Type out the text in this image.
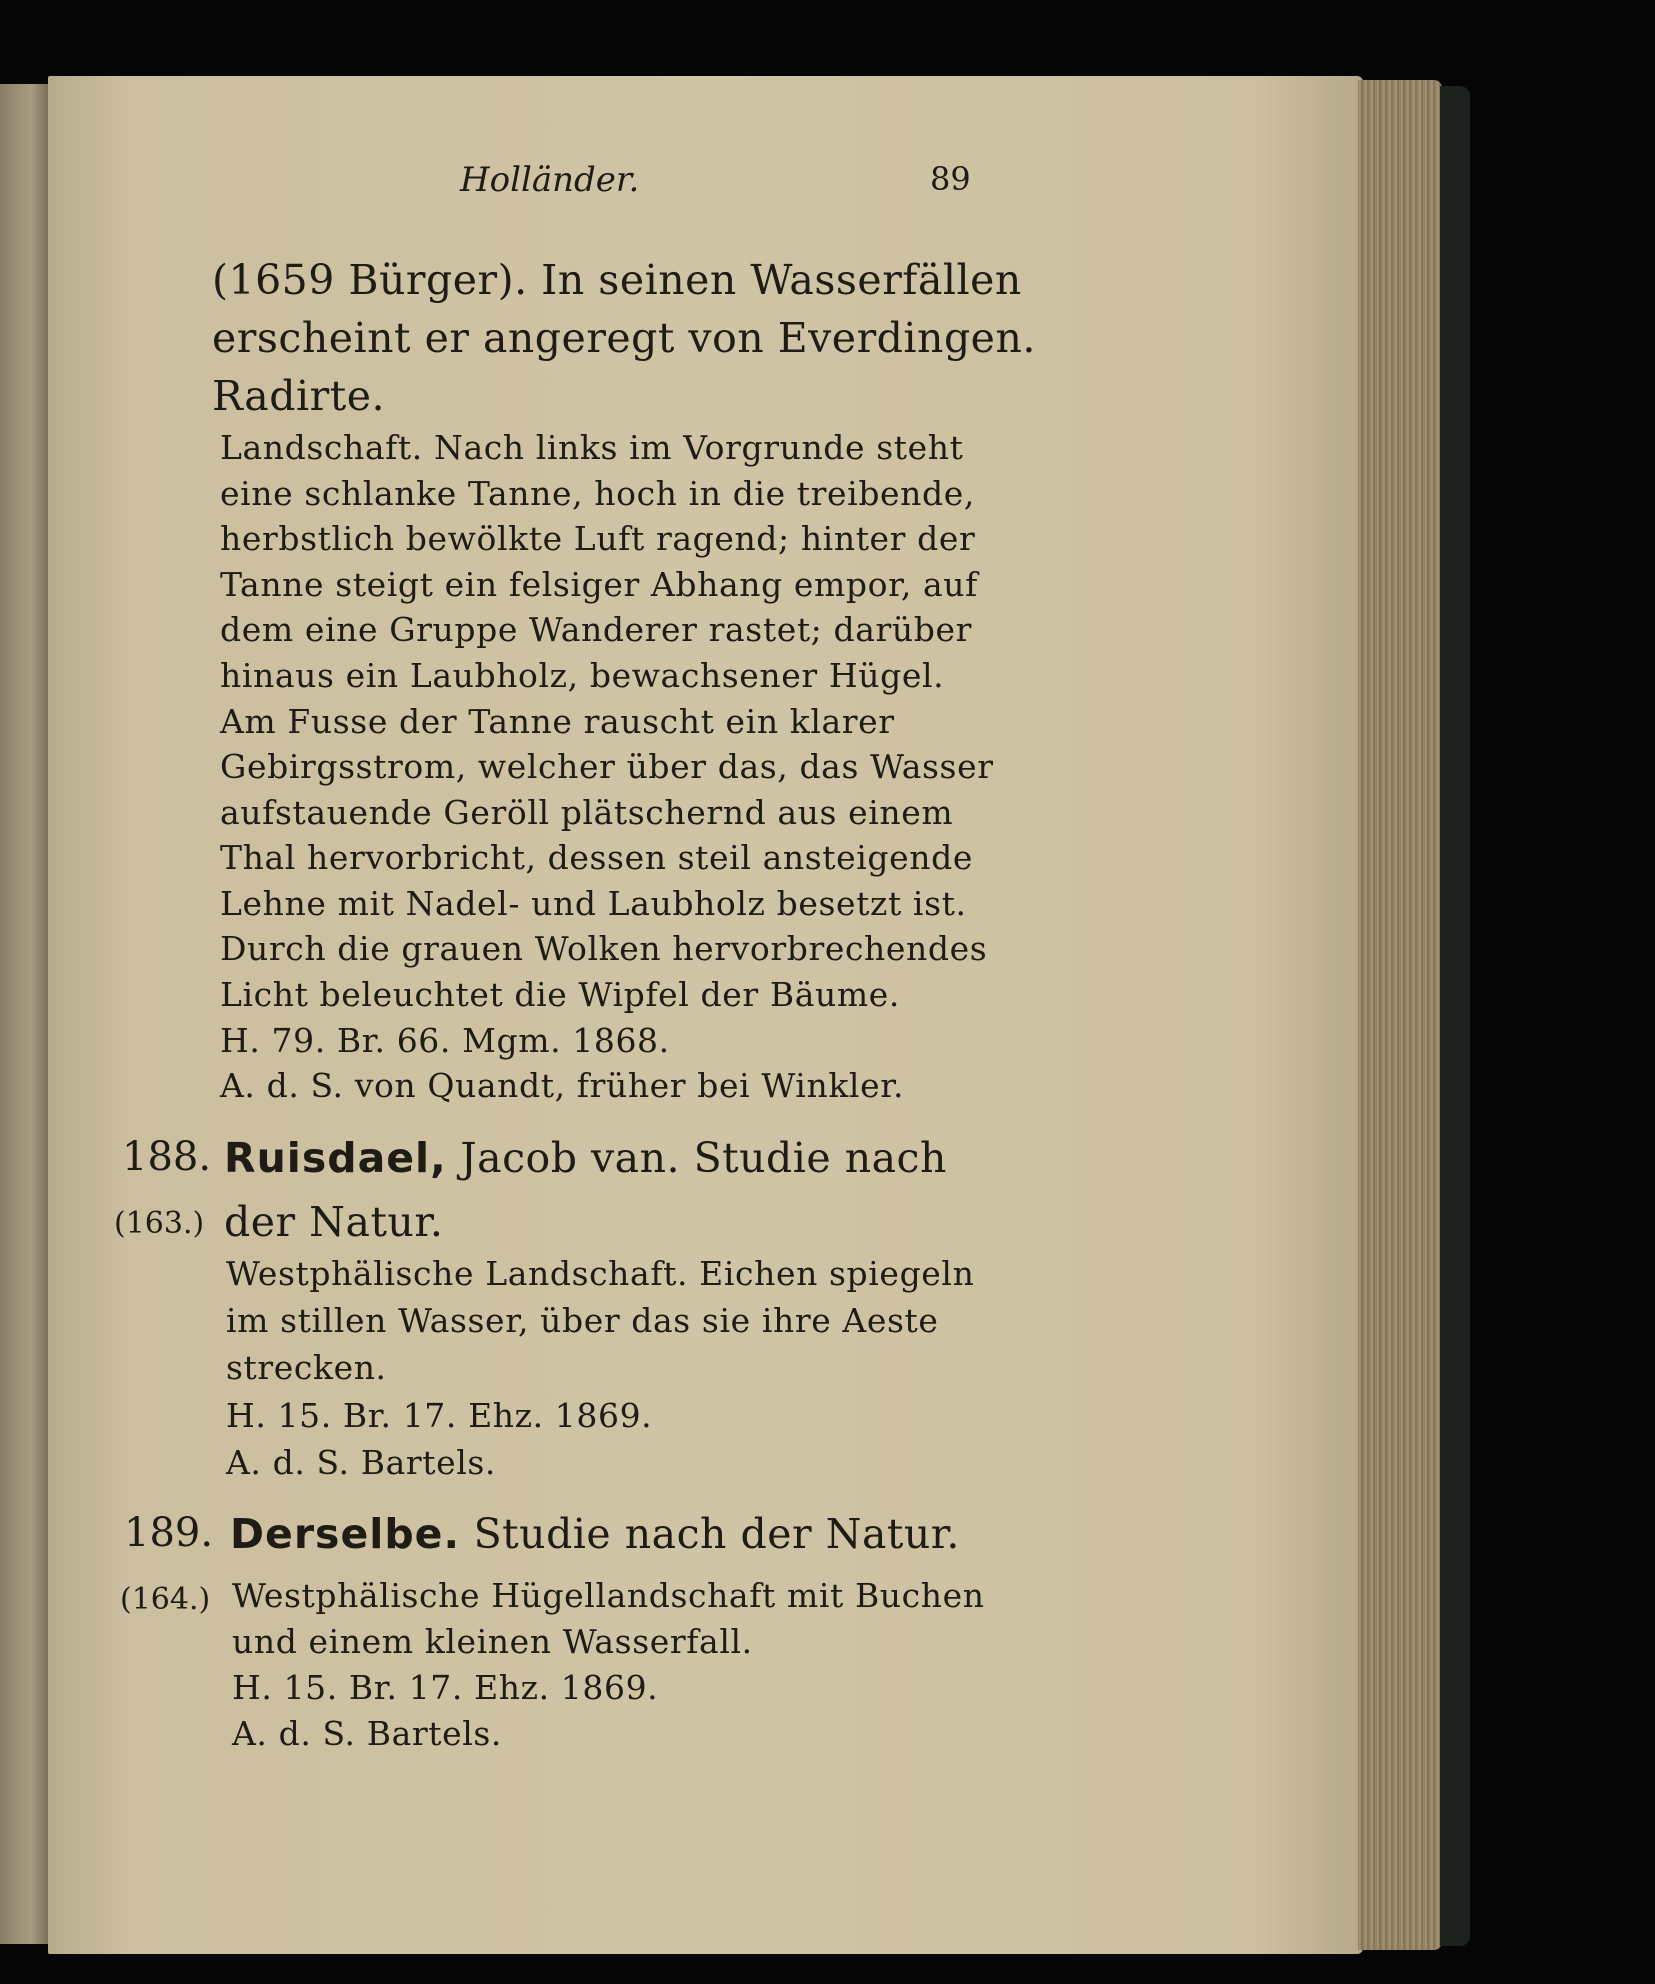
Holländer.	89
(1659 Bürger). In seinen Wasserfällen
erscheint er angeregt von Everdingen.
Radirte.
Landschaft. Nach links im Vorgrunde steht
eine schlanke Tanne, hoch in die treibende,
herbstlich bewölkte Luft ragend; hinter der
Tanne steigt ein felsiger Abhang empor, auf
dem eine Gruppe Wanderer rastet; darüber
hinaus ein Laubholz, bewachsener Hügel.
Am Fusse der Tanne rauscht ein klarer
Gebirgsstrom, welcher über das, das Wasser
aufstauende Geröll plätschernd aus einem
Thal hervorbricht, dessen steil ansteigende
Lehne mit Nadel- und Laubholz besetzt ist.
Durch die grauen Wolken hervorbrechendes
Licht beleuchtet die Wipfel der Bäume.
H. 79. Br. 66. Mgm. 1868.
A. d. S. von Quandt, früher bei Winkler.
188. Ruisdael, Jacob van. Studie nach
(163.) der Natur.
Westphälische Landschaft. Eichen spiegeln
im stillen Wasser, über das sie ihre Aeste
strecken.
H. 15. Br. 17. Ehz. 1869.
A. d. S. Bartels.
189. Derselbe. Studie nach der Natur.
(164.) Westphälische Hügellandschaft mit Buchen
und einem kleinen Wasserfall.
H. 15. Br. 17. Ehz. 1869.
A. d. S. Bartels.
